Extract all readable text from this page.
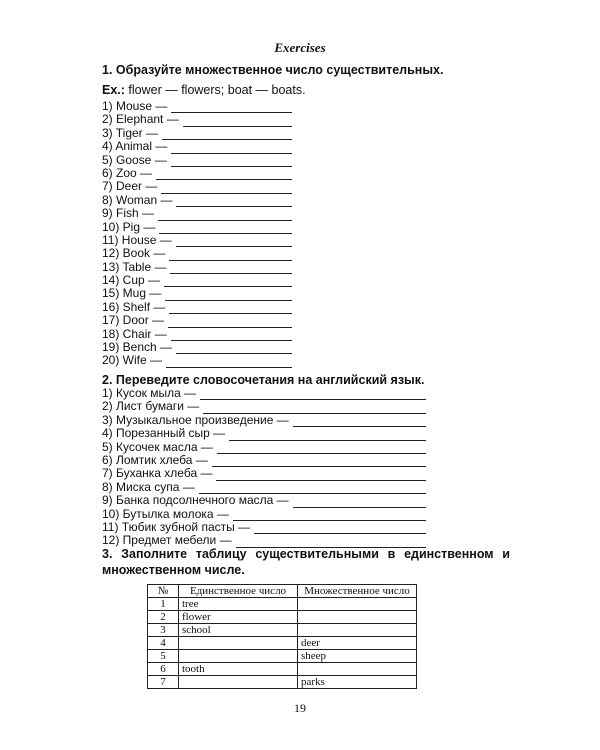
Exercises
1. Образуйте множественное число существительных.
Ex.: flower — flowers; boat — boats.
1) Mouse —
2) Elephant —
3) Tiger —
4) Animal —
5) Goose —
6) Zoo —
7) Deer —
8) Woman —
9) Fish —
10) Pig —
11) House —
12) Book —
13) Table —
14) Cup —
15) Mug —
16) Shelf —
17) Door —
18) Chair —
19) Bench —
20) Wife —
2. Переведите словосочетания на английский язык.
1) Кусок мыла —
2) Лист бумаги —
3) Музыкальное произведение —
4) Порезанный сыр —
5) Кусочек масла —
6) Ломтик хлеба —
7) Буханка хлеба —
8) Миска супа —
9) Банка подсолнечного масла —
10) Бутылка молока —
11) Тюбик зубной пасты —
12) Предмет мебели —
3. Заполните таблицу существительными в единственном и множественном числе.
№	Единственное число	Множественное число
1	tree	
2	flower	
3	school	
4		deer
5		sheep
6	tooth	
7		parks
19
